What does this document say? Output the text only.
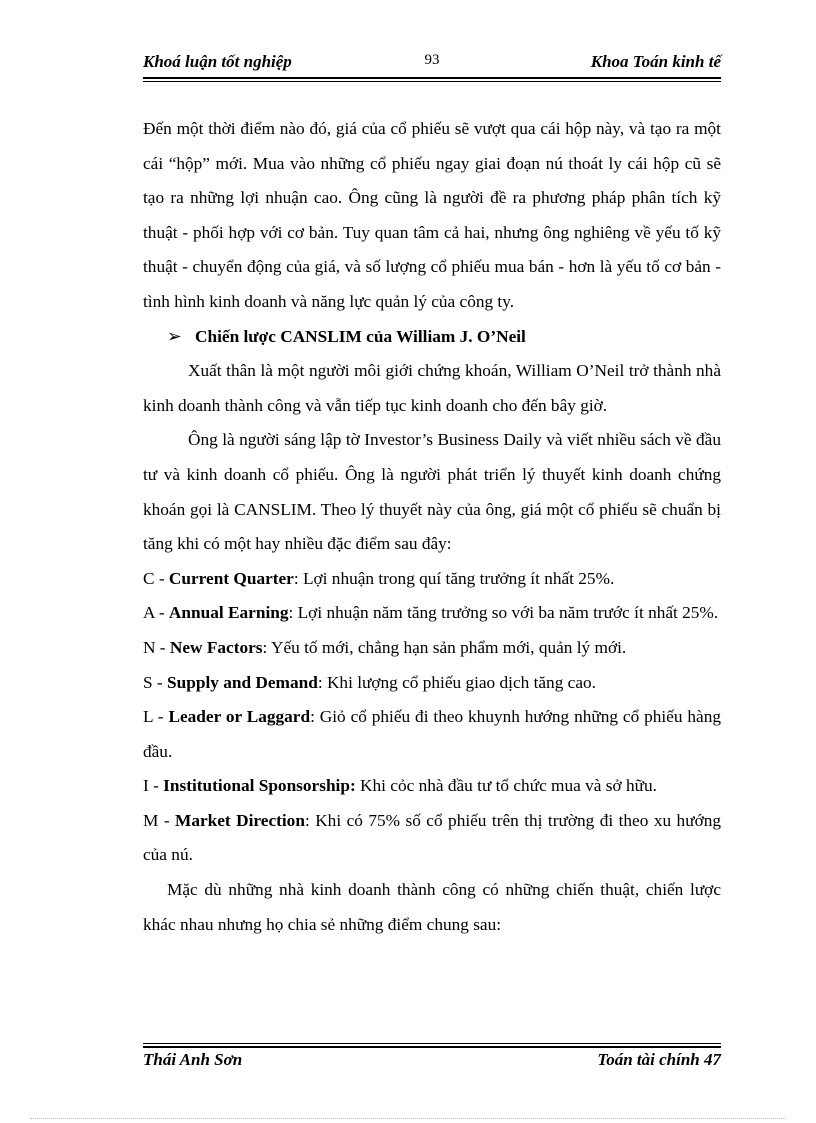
Khoá luận tốt nghiệp	93	Khoa Toán kinh tế

Đến một thời điểm nào đó, giá của cổ phiếu sẽ vượt qua cái hộp này, và tạo ra một cái “hộp” mới. Mua vào những cổ phiếu ngay giai đoạn nú thoát ly cái hộp cũ sẽ tạo ra những lợi nhuận cao. Ông cũng là người đề ra phương pháp phân tích kỹ thuật - phối hợp với cơ bản. Tuy quan tâm cả hai, nhưng ông nghiêng về yếu tố kỹ thuật - chuyển động của giá, và số lượng cổ phiếu mua bán - hơn là yếu tố cơ bản - tình hình kinh doanh và năng lực quản lý của công ty.

➢ Chiến lược CANSLIM của William J. O’Neil

Xuất thân là một người môi giới chứng khoán, William O’Neil trở thành nhà kinh doanh thành công và vẫn tiếp tục kinh doanh cho đến bây giờ.

Ông là người sáng lập tờ Investor’s Business Daily và viết nhiều sách về đầu tư và kinh doanh cổ phiếu. Ông là người phát triển lý thuyết kinh doanh chứng khoán gọi là CANSLIM. Theo lý thuyết này của ông, giá một cổ phiếu sẽ chuẩn bị tăng khi có một hay nhiều đặc điểm sau đây:

C - Current Quarter: Lợi nhuận trong quí tăng trưởng ít nhất 25%.

A - Annual Earning: Lợi nhuận năm tăng trưởng so với ba năm trước ít nhất 25%.

N - New Factors: Yếu tố mới, chẳng hạn sản phẩm mới, quản lý mới.

S - Supply and Demand: Khi lượng cổ phiếu giao dịch tăng cao.

L - Leader or Laggard: Giỏ cổ phiếu đi theo khuynh hướng những cổ phiếu hàng đầu.

I - Institutional Sponsorship: Khi cỏc nhà đầu tư tổ chức mua và sở hữu.

M - Market Direction: Khi có 75% số cổ phiếu trên thị trường đi theo xu hướng của nú.

Mặc dù những nhà kinh doanh thành công có những chiến thuật, chiến lược khác nhau nhưng họ chia sẻ những điểm chung sau:

Thái Anh Sơn	Toán tài chính 47
